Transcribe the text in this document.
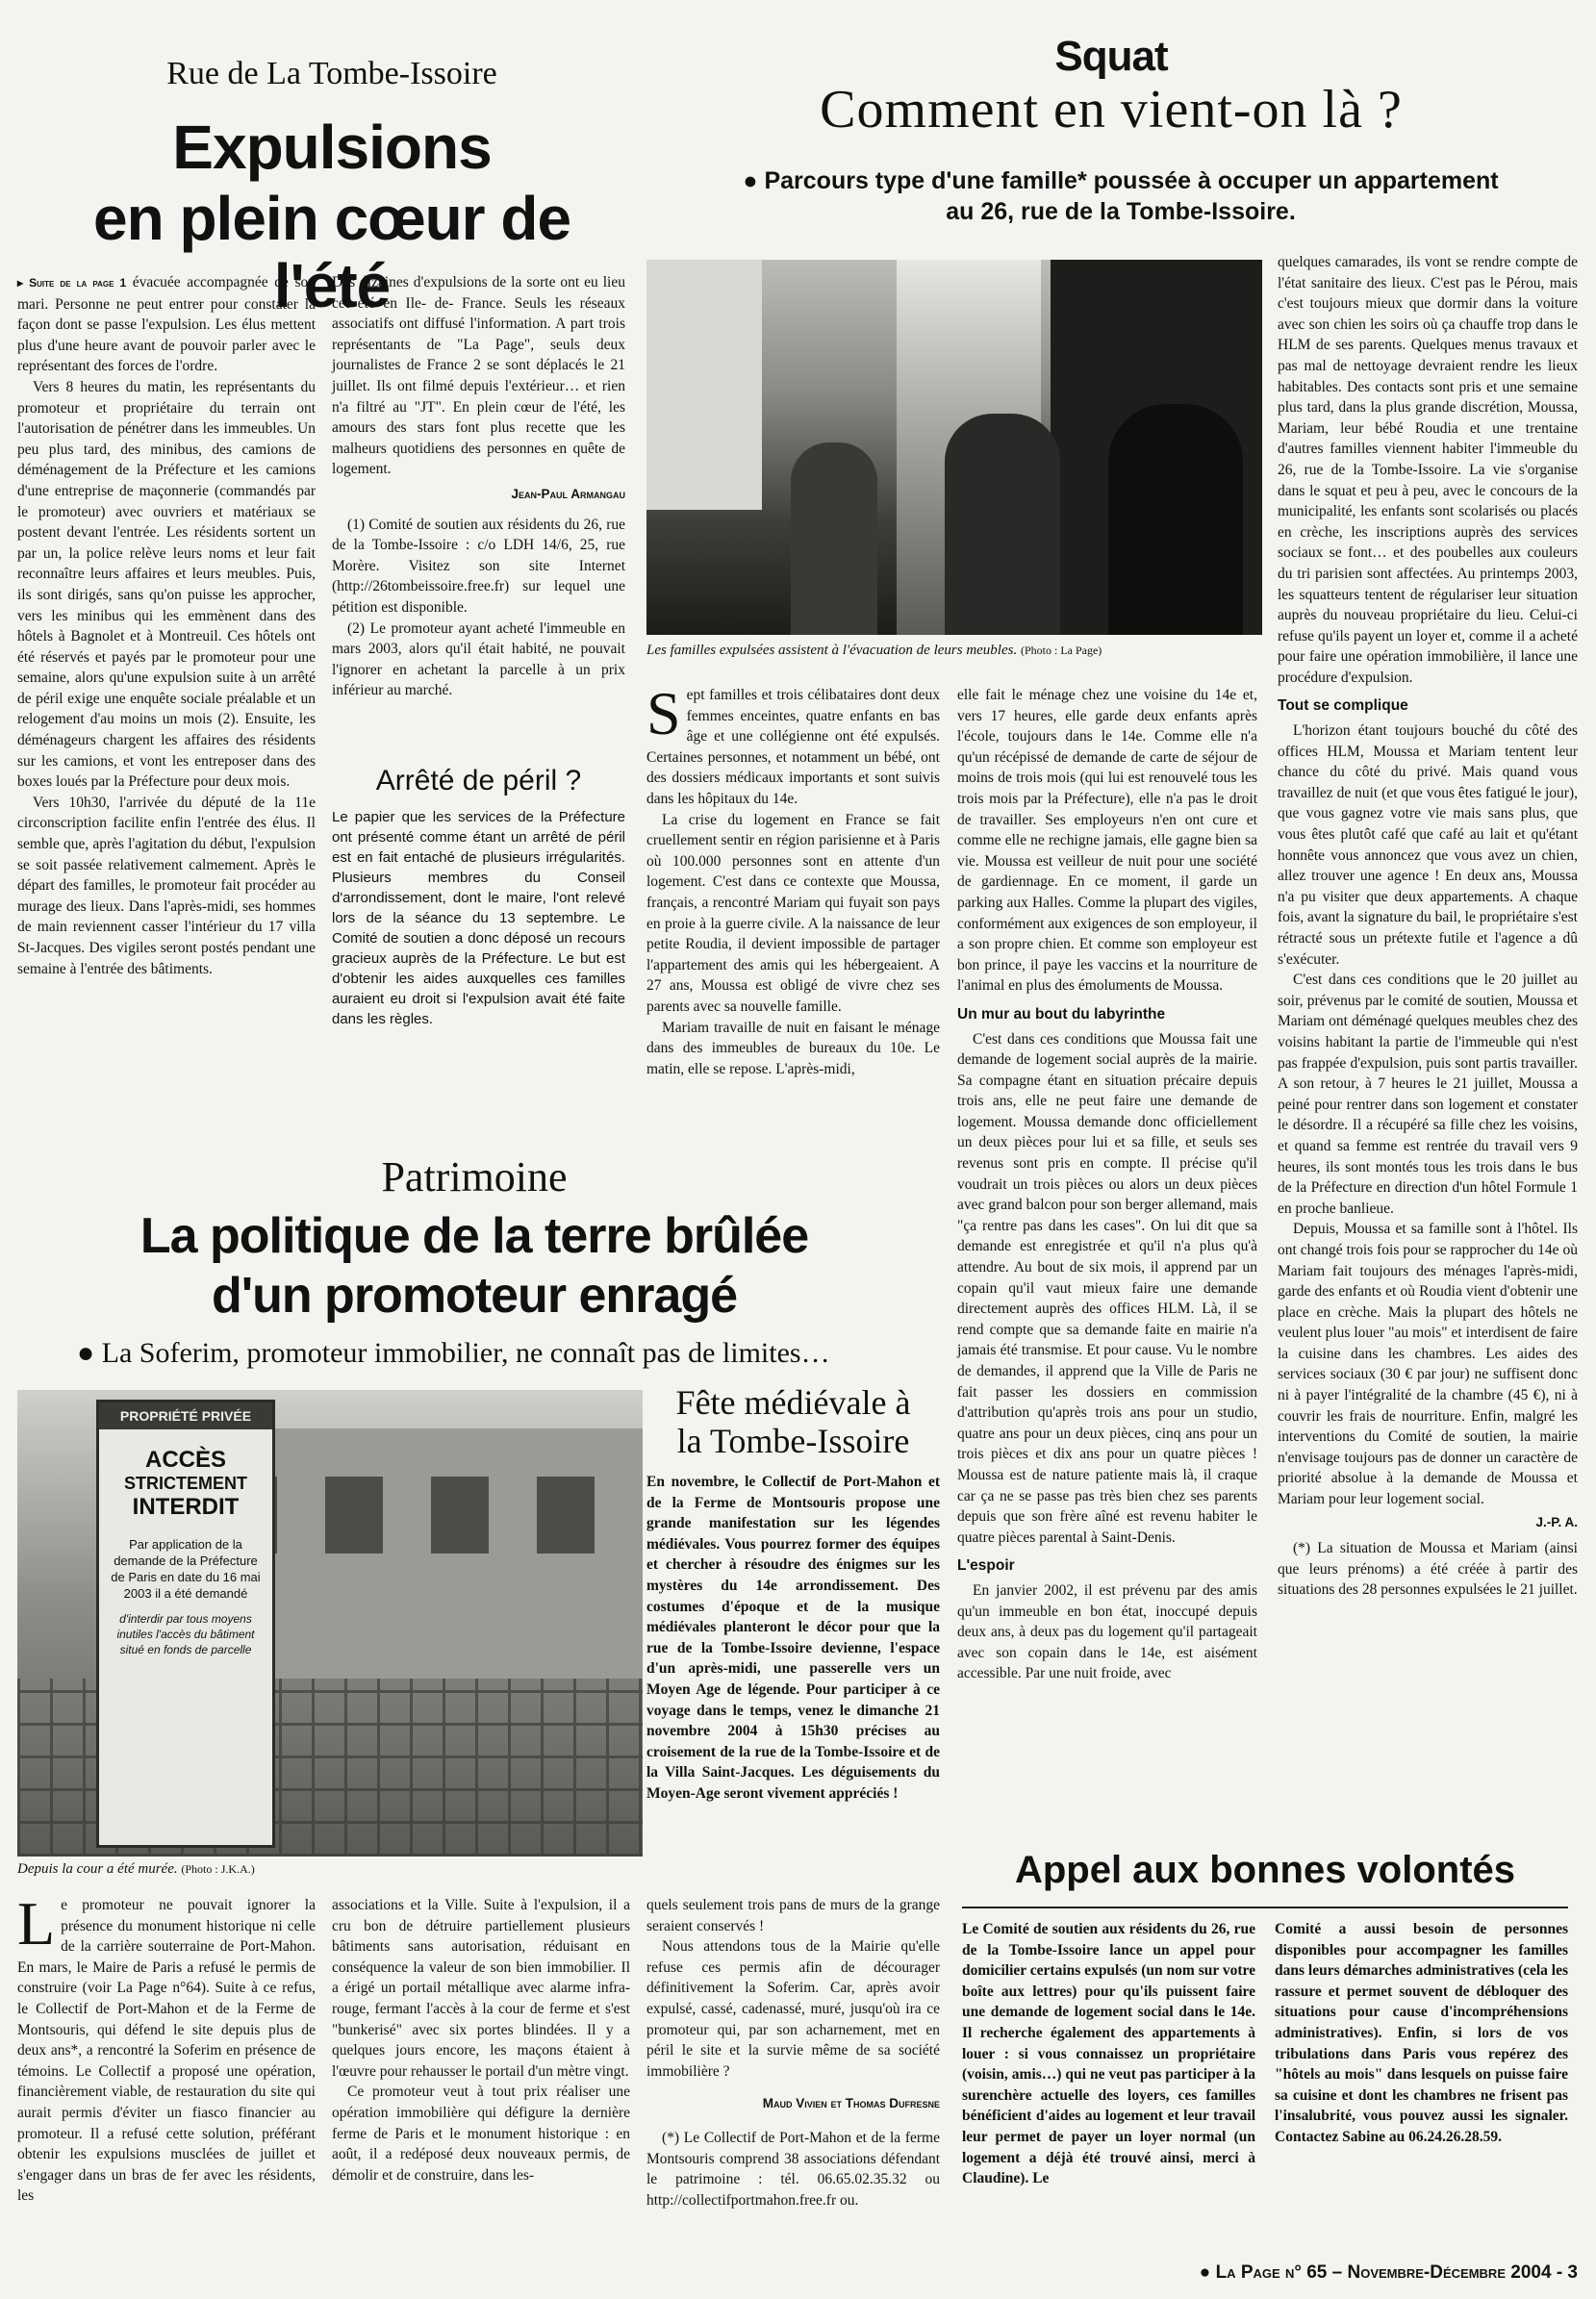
Rue de La Tombe-Issoire
Expulsions
en plein cœur de l'été

▸ Suite de la page 1 évacuée accompagnée de son mari. Personne ne peut entrer pour constater la façon dont se passe l'expulsion. Les élus mettent plus d'une heure avant de pouvoir parler avec le représentant des forces de l'ordre.

Vers 8 heures du matin, les représentants du promoteur et propriétaire du terrain ont l'autorisation de pénétrer dans les immeubles. Un peu plus tard, des minibus, des camions de déménagement de la Préfecture et les camions d'une entreprise de maçonnerie (commandés par le promoteur) avec ouvriers et matériaux se postent devant l'entrée. Les résidents sortent un par un, la police relève leurs noms et leur fait reconnaître leurs affaires et leurs meubles. Puis, ils sont dirigés, sans qu'on puisse les approcher, vers les minibus qui les emmènent dans des hôtels à Bagnolet et à Montreuil. Ces hôtels ont été réservés et payés par le promoteur pour une semaine, alors qu'une expulsion suite à un arrêté de péril exige une enquête sociale préalable et un relogement d'au moins un mois (2). Ensuite, les déménageurs chargent les affaires des résidents sur les camions, et vont les entreposer dans des boxes loués par la Préfecture pour deux mois.

Vers 10h30, l'arrivée du député de la 11e circonscription facilite enfin l'entrée des élus. Il semble que, après l'agitation du début, l'expulsion se soit passée relativement calmement. Après le départ des familles, le promoteur fait procéder au murage des lieux. Dans l'après-midi, ses hommes de main reviennent casser l'intérieur du 17 villa St-Jacques. Des vigiles seront postés pendant une semaine à l'entrée des bâtiments.

Des dizaines d'expulsions de la sorte ont eu lieu cet été en Ile- de- France. Seuls les réseaux associatifs ont diffusé l'information. A part trois représentants de "La Page", seuls deux journalistes de France 2 se sont déplacés le 21 juillet. Ils ont filmé depuis l'extérieur… et rien n'a filtré au "JT". En plein cœur de l'été, les amours des stars font plus recette que les malheurs quotidiens des personnes en quête de logement.

Jean-Paul Armangau

(1) Comité de soutien aux résidents du 26, rue de la Tombe-Issoire : c/o LDH 14/6, 25, rue Morère. Visitez son site Internet (http://26tombeissoire.free.fr) sur lequel une pétition est disponible.

(2) Le promoteur ayant acheté l'immeuble en mars 2003, alors qu'il était habité, ne pouvait l'ignorer en achetant la parcelle à un prix inférieur au marché.

Arrêté de péril ?
Le papier que les services de la Préfecture ont présenté comme étant un arrêté de péril est en fait entaché de plusieurs irrégularités. Plusieurs membres du Conseil d'arrondissement, dont le maire, l'ont relevé lors de la séance du 13 septembre. Le Comité de soutien a donc déposé un recours gracieux auprès de la Préfecture. Le but est d'obtenir les aides auxquelles ces familles auraient eu droit si l'expulsion avait été faite dans les règles.
Squat
Comment en vient-on là ?
● Parcours type d'une famille* poussée à occuper un appartement
au 26, rue de la Tombe-Issoire.
Les familles expulsées assistent à l'évacuation de leurs meubles. (Photo : La Page)

Sept familles et trois célibataires dont deux femmes enceintes, quatre enfants en bas âge et une collégienne ont été expulsés. Certaines personnes, et notamment un bébé, ont des dossiers médicaux importants et sont suivis dans les hôpitaux du 14e.

La crise du logement en France se fait cruellement sentir en région parisienne et à Paris où 100.000 personnes sont en attente d'un logement. C'est dans ce contexte que Moussa, français, a rencontré Mariam qui fuyait son pays en proie à la guerre civile. A la naissance de leur petite Roudia, il devient impossible de partager l'appartement des amis qui les hébergeaient. A 27 ans, Moussa est obligé de vivre chez ses parents avec sa nouvelle famille.

Mariam travaille de nuit en faisant le ménage dans des immeubles de bureaux du 10e. Le matin, elle se repose. L'après-midi,

elle fait le ménage chez une voisine du 14e et, vers 17 heures, elle garde deux enfants après l'école, toujours dans le 14e. Comme elle n'a qu'un récépissé de demande de carte de séjour de moins de trois mois (qui lui est renouvelé tous les trois mois par la Préfecture), elle n'a pas le droit de travailler. Ses employeurs n'en ont cure et comme elle ne rechigne jamais, elle gagne bien sa vie. Moussa est veilleur de nuit pour une société de gardiennage. En ce moment, il garde un parking aux Halles. Comme la plupart des vigiles, conformément aux exigences de son employeur, il a son propre chien. Et comme son employeur est bon prince, il paye les vaccins et la nourriture de l'animal en plus des émoluments de Moussa.

Un mur au bout du labyrinthe

C'est dans ces conditions que Moussa fait une demande de logement social auprès de la mairie. Sa compagne étant en situation précaire depuis trois ans, elle ne peut faire une demande de logement. Moussa demande donc officiellement un deux pièces pour lui et sa fille, et seuls ses revenus sont pris en compte. Il précise qu'il voudrait un trois pièces ou alors un deux pièces avec grand balcon pour son berger allemand, mais "ça rentre pas dans les cases". On lui dit que sa demande est enregistrée et qu'il n'a plus qu'à attendre. Au bout de six mois, il apprend par un copain qu'il vaut mieux faire une demande directement auprès des offices HLM. Là, il se rend compte que sa demande faite en mairie n'a jamais été transmise. Et pour cause. Vu le nombre de demandes, il apprend que la Ville de Paris ne fait passer les dossiers en commission d'attribution qu'après trois ans pour un studio, quatre ans pour un deux pièces, cinq ans pour un trois pièces et dix ans pour un quatre pièces ! Moussa est de nature patiente mais là, il craque car ça ne se passe pas très bien chez ses parents depuis que son frère aîné est revenu habiter le quatre pièces parental à Saint-Denis.

L'espoir

En janvier 2002, il est prévenu par des amis qu'un immeuble en bon état, inoccupé depuis deux ans, à deux pas du logement qu'il partageait avec son copain dans le 14e, est aisément accessible. Par une nuit froide, avec

quelques camarades, ils vont se rendre compte de l'état sanitaire des lieux. C'est pas le Pérou, mais c'est toujours mieux que dormir dans la voiture avec son chien les soirs où ça chauffe trop dans le HLM de ses parents. Quelques menus travaux et pas mal de nettoyage devraient rendre les lieux habitables. Des contacts sont pris et une semaine plus tard, dans la plus grande discrétion, Moussa, Mariam, leur bébé Roudia et une trentaine d'autres familles viennent habiter l'immeuble du 26, rue de la Tombe-Issoire. La vie s'organise dans le squat et peu à peu, avec le concours de la municipalité, les enfants sont scolarisés ou placés en crèche, les inscriptions auprès des services sociaux se font… et des poubelles aux couleurs du tri parisien sont affectées. Au printemps 2003, les squatteurs tentent de régulariser leur situation auprès du nouveau propriétaire du lieu. Celui-ci refuse qu'ils payent un loyer et, comme il a acheté pour faire une opération immobilière, il lance une procédure d'expulsion.

Tout se complique

L'horizon étant toujours bouché du côté des offices HLM, Moussa et Mariam tentent leur chance du côté du privé. Mais quand vous travaillez de nuit (et que vous êtes fatigué le jour), que vous gagnez votre vie mais sans plus, que vous êtes plutôt café que café au lait et qu'étant honnête vous annoncez que vous avez un chien, allez trouver une agence ! En deux ans, Moussa n'a pu visiter que deux appartements. A chaque fois, avant la signature du bail, le propriétaire s'est rétracté sous un prétexte futile et l'agence a dû s'exécuter.

C'est dans ces conditions que le 20 juillet au soir, prévenus par le comité de soutien, Moussa et Mariam ont déménagé quelques meubles chez des voisins habitant la partie de l'immeuble qui n'est pas frappée d'expulsion, puis sont partis travailler. A son retour, à 7 heures le 21 juillet, Moussa a peiné pour rentrer dans son logement et constater le désordre. Il a récupéré sa fille chez les voisins, et quand sa femme est rentrée du travail vers 9 heures, ils sont montés tous les trois dans le bus de la Préfecture en direction d'un hôtel Formule 1 en proche banlieue.

Depuis, Moussa et sa famille sont à l'hôtel. Ils ont changé trois fois pour se rapprocher du 14e où Mariam fait toujours des ménages l'après-midi, garde des enfants et où Roudia vient d'obtenir une place en crèche. Mais la plupart des hôtels ne veulent plus louer "au mois" et interdisent de faire la cuisine dans les chambres. Les aides des services sociaux (30 € par jour) ne suffisent donc ni à payer l'intégralité de la chambre (45 €), ni à couvrir les frais de nourriture. Enfin, malgré les interventions du Comité de soutien, la mairie n'envisage toujours pas de donner un caractère de priorité absolue à la demande de Moussa et Mariam pour leur logement social.

J.-P. A.

(*) La situation de Moussa et Mariam (ainsi que leurs prénoms) a été créée à partir des situations des 28 personnes expulsées le 21 juillet.

Patrimoine
La politique de la terre brûlée
d'un promoteur enragé
● La Soferim, promoteur immobilier, ne connaît pas de limites…
PROPRIÉTÉ PRIVÉE
ACCÈS
STRICTEMENT
INTERDIT
Par application de la demande de la Préfecture de Paris en date du 16 mai 2003 il a été demandé
d'interdir par tous moyens inutiles l'accès du bâtiment situé en fonds de parcelle
Depuis la cour a été murée. (Photo : J.K.A.)

Le promoteur ne pouvait ignorer la présence du monument historique ni celle de la carrière souterraine de Port-Mahon. En mars, le Maire de Paris a refusé le permis de construire (voir La Page n°64). Suite à ce refus, le Collectif de Port-Mahon et de la Ferme de Montsouris, qui défend le site depuis plus de deux ans*, a rencontré la Soferim en présence de témoins. Le Collectif a proposé une opération, financièrement viable, de restauration du site qui aurait permis d'éviter un fiasco financier au promoteur. Il a refusé cette solution, préférant obtenir les expulsions musclées de juillet et s'engager dans un bras de fer avec les résidents, les

associations et la Ville. Suite à l'expulsion, il a cru bon de détruire partiellement plusieurs bâtiments sans autorisation, réduisant en conséquence la valeur de son bien immobilier. Il a érigé un portail métallique avec alarme infra-rouge, fermant l'accès à la cour de ferme et s'est "bunkerisé" avec six portes blindées. Il y a quelques jours encore, les maçons étaient à l'œuvre pour rehausser le portail d'un mètre vingt.

Ce promoteur veut à tout prix réaliser une opération immobilière qui défigure la dernière ferme de Paris et le monument historique : en août, il a redéposé deux nouveaux permis, de démolir et de construire, dans les-

quels seulement trois pans de murs de la grange seraient conservés !

Nous attendons tous de la Mairie qu'elle refuse ces permis afin de décourager définitivement la Soferim. Car, après avoir expulsé, cassé, cadenassé, muré, jusqu'où ira ce promoteur qui, par son acharnement, met en péril le site et la survie même de sa société immobilière ?

Maud Vivien et Thomas Dufresne

(*) Le Collectif de Port-Mahon et de la ferme Montsouris comprend 38 associations défendant le patrimoine : tél. 06.65.02.35.32 ou http://collectifportmahon.free.fr ou.

Fête médiévale à
la Tombe-Issoire
En novembre, le Collectif de Port-Mahon et de la Ferme de Montsouris propose une grande manifestation sur les légendes médiévales. Vous pourrez former des équipes et chercher à résoudre des énigmes sur les mystères du 14e arrondissement. Des costumes d'époque et de la musique médiévales planteront le décor pour que la rue de la Tombe-Issoire devienne, l'espace d'un après-midi, une passerelle vers un Moyen Age de légende. Pour participer à ce voyage dans le temps, venez le dimanche 21 novembre 2004 à 15h30 précises au croisement de la rue de la Tombe-Issoire et de la Villa Saint-Jacques. Les déguisements du Moyen-Age seront vivement appréciés !
Appel aux bonnes volontés
Le Comité de soutien aux résidents du 26, rue de la Tombe-Issoire lance un appel pour domicilier certains expulsés (un nom sur votre boîte aux lettres) pour qu'ils puissent faire une demande de logement social dans le 14e. Il recherche également des appartements à louer : si vous connaissez un propriétaire (voisin, amis…) qui ne veut pas participer à la surenchère actuelle des loyers, ces familles bénéficient d'aides au logement et leur travail leur permet de payer un loyer normal (un logement a déjà été trouvé ainsi, merci à Claudine). Le
Comité a aussi besoin de personnes disponibles pour accompagner les familles dans leurs démarches administratives (cela les rassure et permet souvent de débloquer des situations pour cause d'incompréhensions administratives). Enfin, si lors de vos tribulations dans Paris vous repérez des "hôtels au mois" dans lesquels on puisse faire sa cuisine et dont les chambres ne frisent pas l'insalubrité, vous pouvez aussi les signaler. Contactez Sabine au 06.24.26.28.59.
● La Page n° 65 – Novembre-Décembre 2004 - 3
